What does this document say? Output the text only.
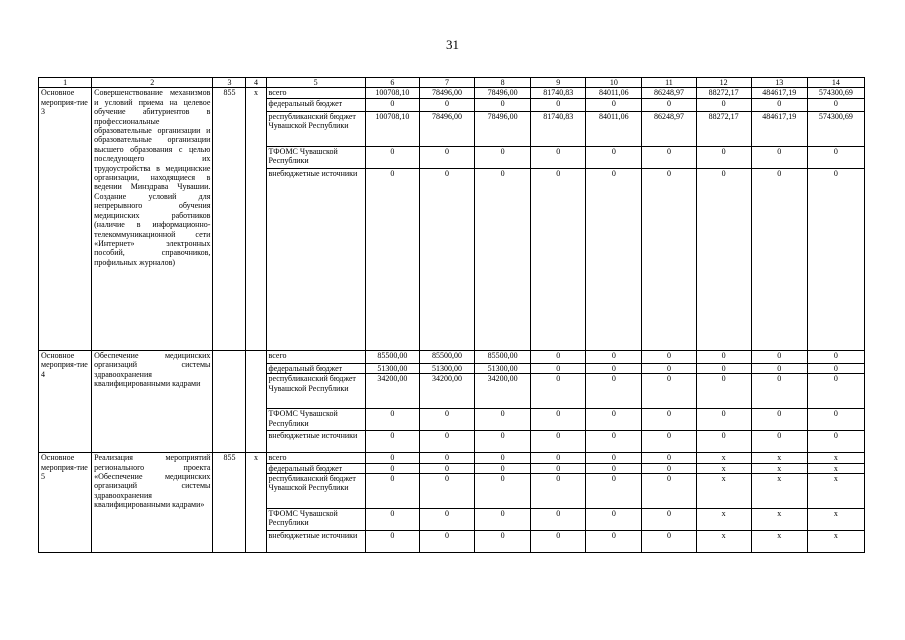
31
1	2	3	4	5	6	7	8	9	10	11	12	13	14
Основное мероприя-тие 3	Совершенствование механизмов и условий приема на целевое обучение абитуриентов в профессиональные образовательные организации и образовательные организации высшего образования с целью последующего их трудоустройства в медицинские организации, находящиеся в ведении Минздрава Чувашии. Создание условий для непрерывного обучения медицинских работников (наличие в информационно-телекоммуникационной сети «Интернет» электронных пособий, справочников, профильных журналов)	855	х	всего	100708,10	78496,00	78496,00	81740,83	84011,06	86248,97	88272,17	484617,19	574300,69
				федеральный бюджет	0	0	0	0	0	0	0	0	0
				республиканский бюджет Чувашской Республики	100708,10	78496,00	78496,00	81740,83	84011,06	86248,97	88272,17	484617,19	574300,69
				ТФОМС Чувашской Республики	0	0	0	0	0	0	0	0	0
				внебюджетные источники	0	0	0	0	0	0	0	0	0
Основное мероприя-тие 4	Обеспечение медицинских организаций системы здравоохранения квалифицированными кадрами			всего	85500,00	85500,00	85500,00	0	0	0	0	0	0
				федеральный бюджет	51300,00	51300,00	51300,00	0	0	0	0	0	0
				республиканский бюджет Чувашской Республики	34200,00	34200,00	34200,00	0	0	0	0	0	0
				ТФОМС Чувашской Республики	0	0	0	0	0	0	0	0	0
				внебюджетные источники	0	0	0	0	0	0	0	0	0
Основное мероприя-тие 5	Реализация мероприятий регионального проекта «Обеспечение медицинских организаций системы здравоохранения квалифицированными кадрами»	855	х	всего	0	0	0	0	0	0	х	х	х
				федеральный бюджет	0	0	0	0	0	0	х	х	х
				республиканский бюджет Чувашской Республики	0	0	0	0	0	0	х	х	х
				ТФОМС Чувашской Республики	0	0	0	0	0	0	х	х	х
				внебюджетные источники	0	0	0	0	0	0	х	х	х
